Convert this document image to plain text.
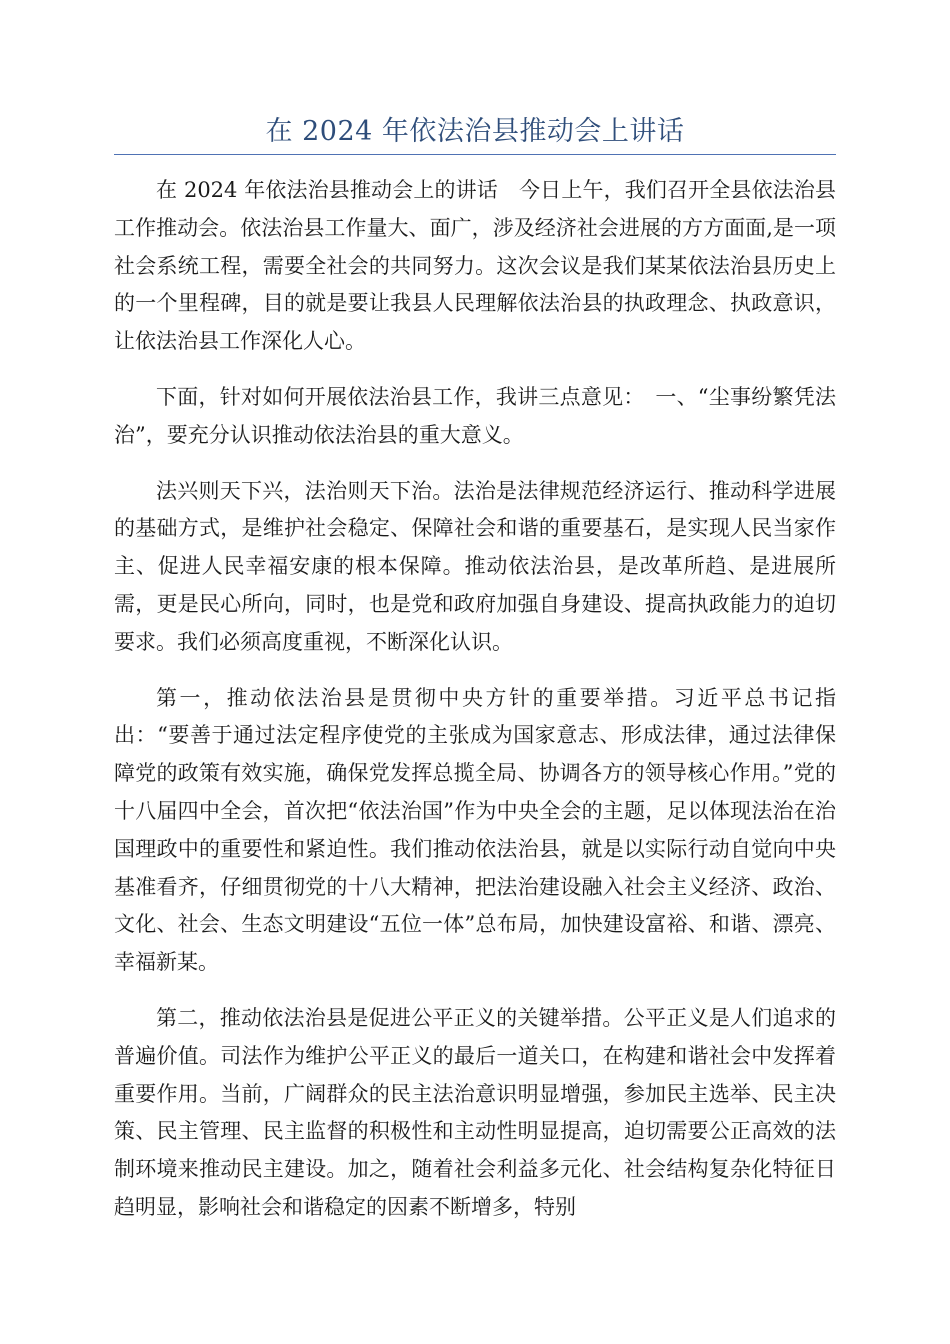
在 2024 年依法治县推动会上讲话

在 2024 年依法治县推动会上的讲话　今日上午，我们召开全县依法治县工作推动会。依法治县工作量大、面广，涉及经济社会进展的方方面面,是一项社会系统工程，需要全社会的共同努力。这次会议是我们某某依法治县历史上的一个里程碑，目的就是要让我县人民理解依法治县的执政理念、执政意识，让依法治县工作深化人心。

下面，针对如何开展依法治县工作，我讲三点意见：　一、“尘事纷繁凭法治”，要充分认识推动依法治县的重大意义。

法兴则天下兴，法治则天下治。法治是法律规范经济运行、推动科学进展的基础方式，是维护社会稳定、保障社会和谐的重要基石，是实现人民当家作主、促进人民幸福安康的根本保障。推动依法治县，是改革所趋、是进展所需，更是民心所向，同时，也是党和政府加强自身建设、提高执政能力的迫切要求。我们必须高度重视，不断深化认识。

第一，推动依法治县是贯彻中央方针的重要举措。习近平总书记指出：“要善于通过法定程序使党的主张成为国家意志、形成法律，通过法律保障党的政策有效实施，确保党发挥总揽全局、协调各方的领导核心作用。”党的十八届四中全会，首次把“依法治国”作为中央全会的主题，足以体现法治在治国理政中的重要性和紧迫性。我们推动依法治县，就是以实际行动自觉向中央基准看齐，仔细贯彻党的十八大精神，把法治建设融入社会主义经济、政治、文化、社会、生态文明建设“五位一体”总布局，加快建设富裕、和谐、漂亮、幸福新某。

第二，推动依法治县是促进公平正义的关键举措。公平正义是人们追求的普遍价值。司法作为维护公平正义的最后一道关口，在构建和谐社会中发挥着重要作用。当前，广阔群众的民主法治意识明显增强，参加民主选举、民主决策、民主管理、民主监督的积极性和主动性明显提高，迫切需要公正高效的法制环境来推动民主建设。加之，随着社会利益多元化、社会结构复杂化特征日趋明显，影响社会和谐稳定的因素不断增多，特别
